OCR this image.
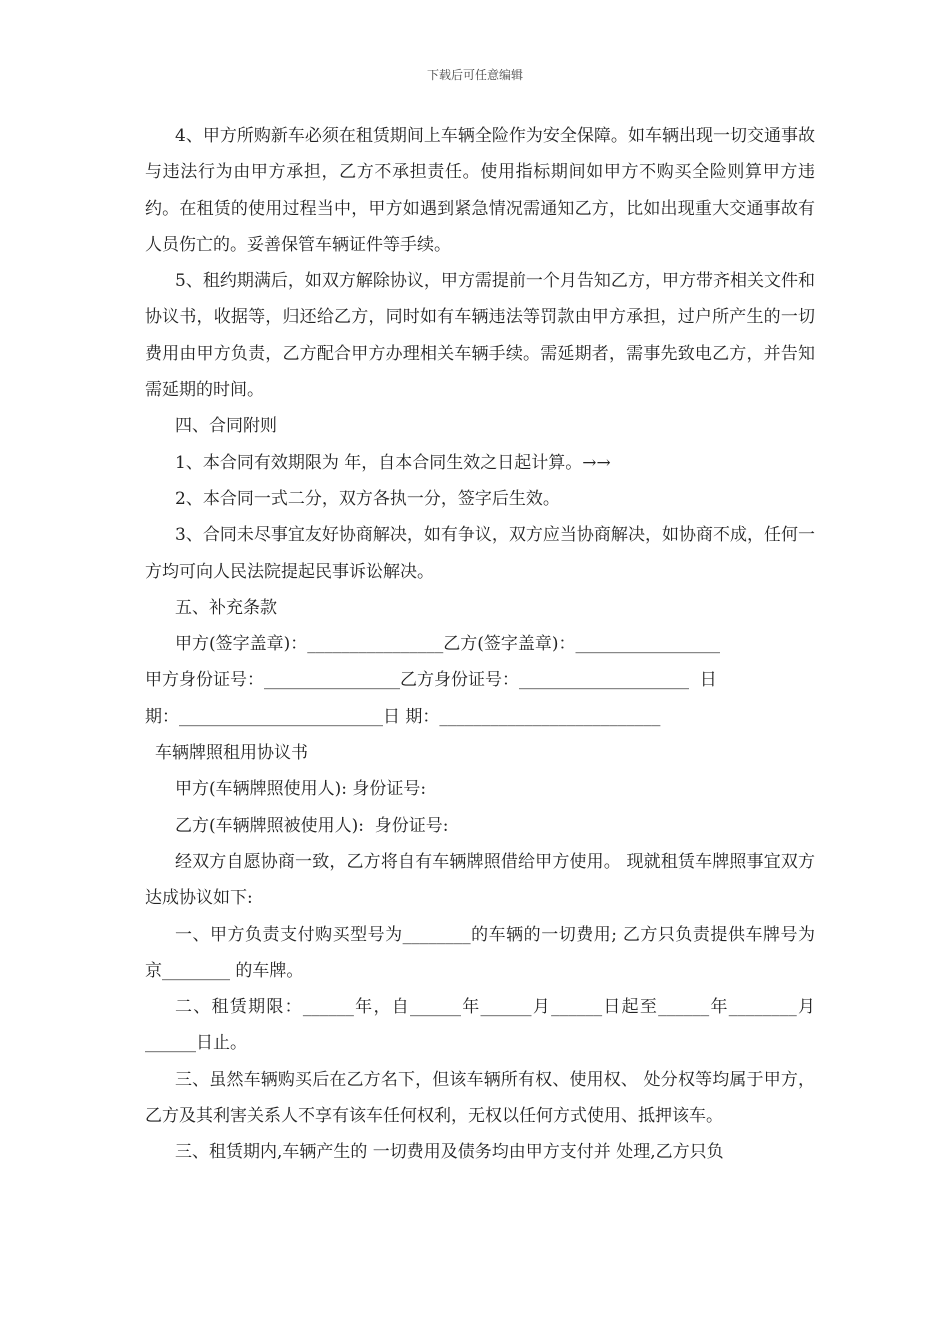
下载后可任意编辑

4、甲方所购新车必须在租赁期间上车辆全险作为安全保障。如车辆出现一切交通事故与违法行为由甲方承担，乙方不承担责任。使用指标期间如甲方不购买全险则算甲方违约。在租赁的使用过程当中，甲方如遇到紧急情况需通知乙方，比如出现重大交通事故有人员伤亡的。妥善保管车辆证件等手续。

5、租约期满后，如双方解除协议，甲方需提前一个月告知乙方，甲方带齐相关文件和协议书，收据等，归还给乙方，同时如有车辆违法等罚款由甲方承担，过户所产生的一切费用由甲方负责，乙方配合甲方办理相关车辆手续。需延期者，需事先致电乙方，并告知需延期的时间。

四、合同附则

1、本合同有效期限为 年，自本合同生效之日起计算。→→

2、本合同一式二分，双方各执一分，签字后生效。

3、合同未尽事宜友好协商解决，如有争议，双方应当协商解决，如协商不成，任何一方均可向人民法院提起民事诉讼解决。

五、补充条款

甲方(签字盖章)：________________乙方(签字盖章)：_________________

甲方身份证号：________________乙方身份证号：____________________  日

期：________________________日 期：__________________________

车辆牌照租用协议书

甲方(车辆牌照使用人): 身份证号:

乙方(车辆牌照被使用人):  身份证号:

经双方自愿协商一致，乙方将自有车辆牌照借给甲方使用。 现就租赁车牌照事宜双方达成协议如下:

一、甲方负责支付购买型号为________的车辆的一切费用; 乙方只负责提供车牌号为京________ 的车牌。

二、租赁期限：______年，自______年______月______日起至______年________月______日止。

三、虽然车辆购买后在乙方名下，但该车辆所有权、使用权、 处分权等均属于甲方，乙方及其利害关系人不享有该车任何权利，无权以任何方式使用、抵押该车。

三、租赁期内,车辆产生的 一切费用及债务均由甲方支付并 处理,乙方只负
